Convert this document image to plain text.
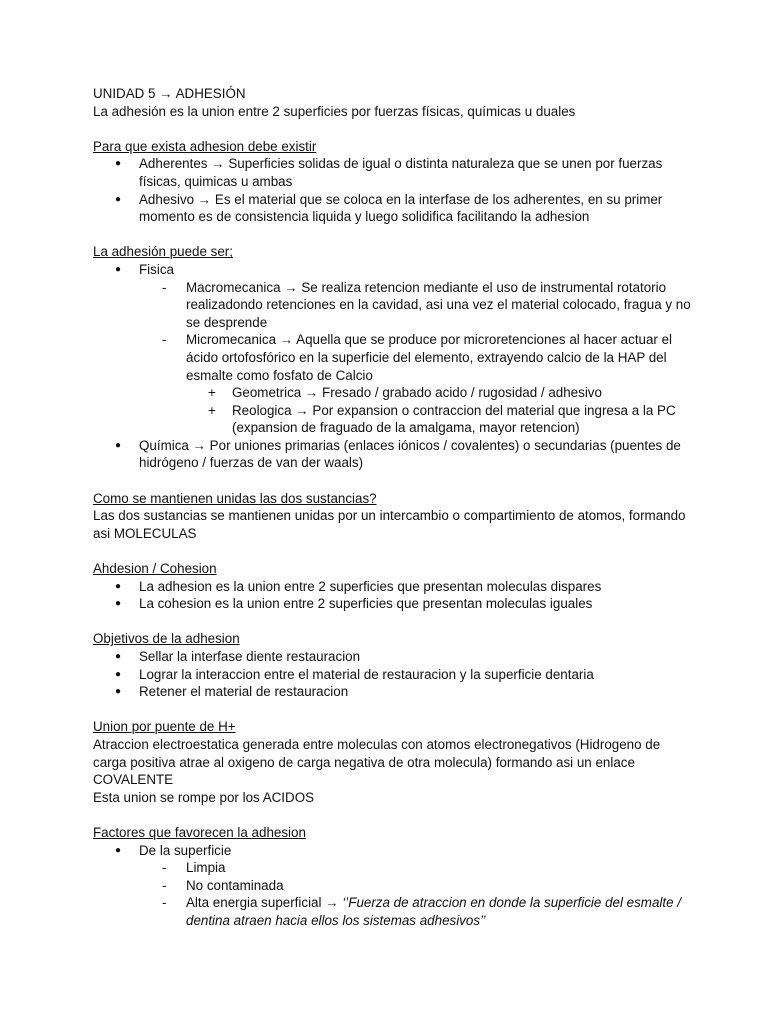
UNIDAD 5 → ADHESIÓN

La adhesión es la union entre 2 superficies por fuerzas físicas, químicas u duales

Para que exista adhesion debe existir

● Adherentes → Superficies solidas de igual o distinta naturaleza que se unen por fuerzas físicas, quimicas u ambas
● Adhesivo → Es el material que se coloca en la interfase de los adherentes, en su primer momento es de consistencia liquida y luego solidifica facilitando la adhesion

La adhesión puede ser;

● Fisica
- Macromecanica → Se realiza retencion mediante el uso de instrumental rotatorio realizadondo retenciones en la cavidad, asi una vez el material colocado, fragua y no se desprende
- Micromecanica → Aquella que se produce por microretenciones al hacer actuar el ácido ortofosfórico en la superficie del elemento, extrayendo calcio de la HAP del esmalte como fosfato de Calcio
+ Geometrica → Fresado / grabado acido / rugosidad / adhesivo
+ Reologica → Por expansion o contraccion del material que ingresa a la PC (expansion de fraguado de la amalgama, mayor retencion)
● Química → Por uniones primarias (enlaces iónicos / covalentes) o secundarias (puentes de hidrógeno / fuerzas de van der waals)

Como se mantienen unidas las dos sustancias?

Las dos sustancias se mantienen unidas por un intercambio o compartimiento de atomos, formando asi MOLECULAS

Ahdesion / Cohesion

● La adhesion es la union entre 2 superficies que presentan moleculas dispares
● La cohesion es la union entre 2 superficies que presentan moleculas iguales

Objetivos de la adhesion

● Sellar la interfase diente restauracion
● Lograr la interaccion entre el material de restauracion y la superficie dentaria
● Retener el material de restauracion

Union por puente de H+

Atraccion electroestatica generada entre moleculas con atomos electronegativos (Hidrogeno de carga positiva atrae al oxigeno de carga negativa de otra molecula) formando asi un enlace COVALENTE

Esta union se rompe por los ACIDOS

Factores que favorecen la adhesion

● De la superficie
- Limpia
- No contaminada
- Alta energia superficial → ‘’Fuerza de atraccion en donde la superficie del esmalte / dentina atraen hacia ellos los sistemas adhesivos’’
